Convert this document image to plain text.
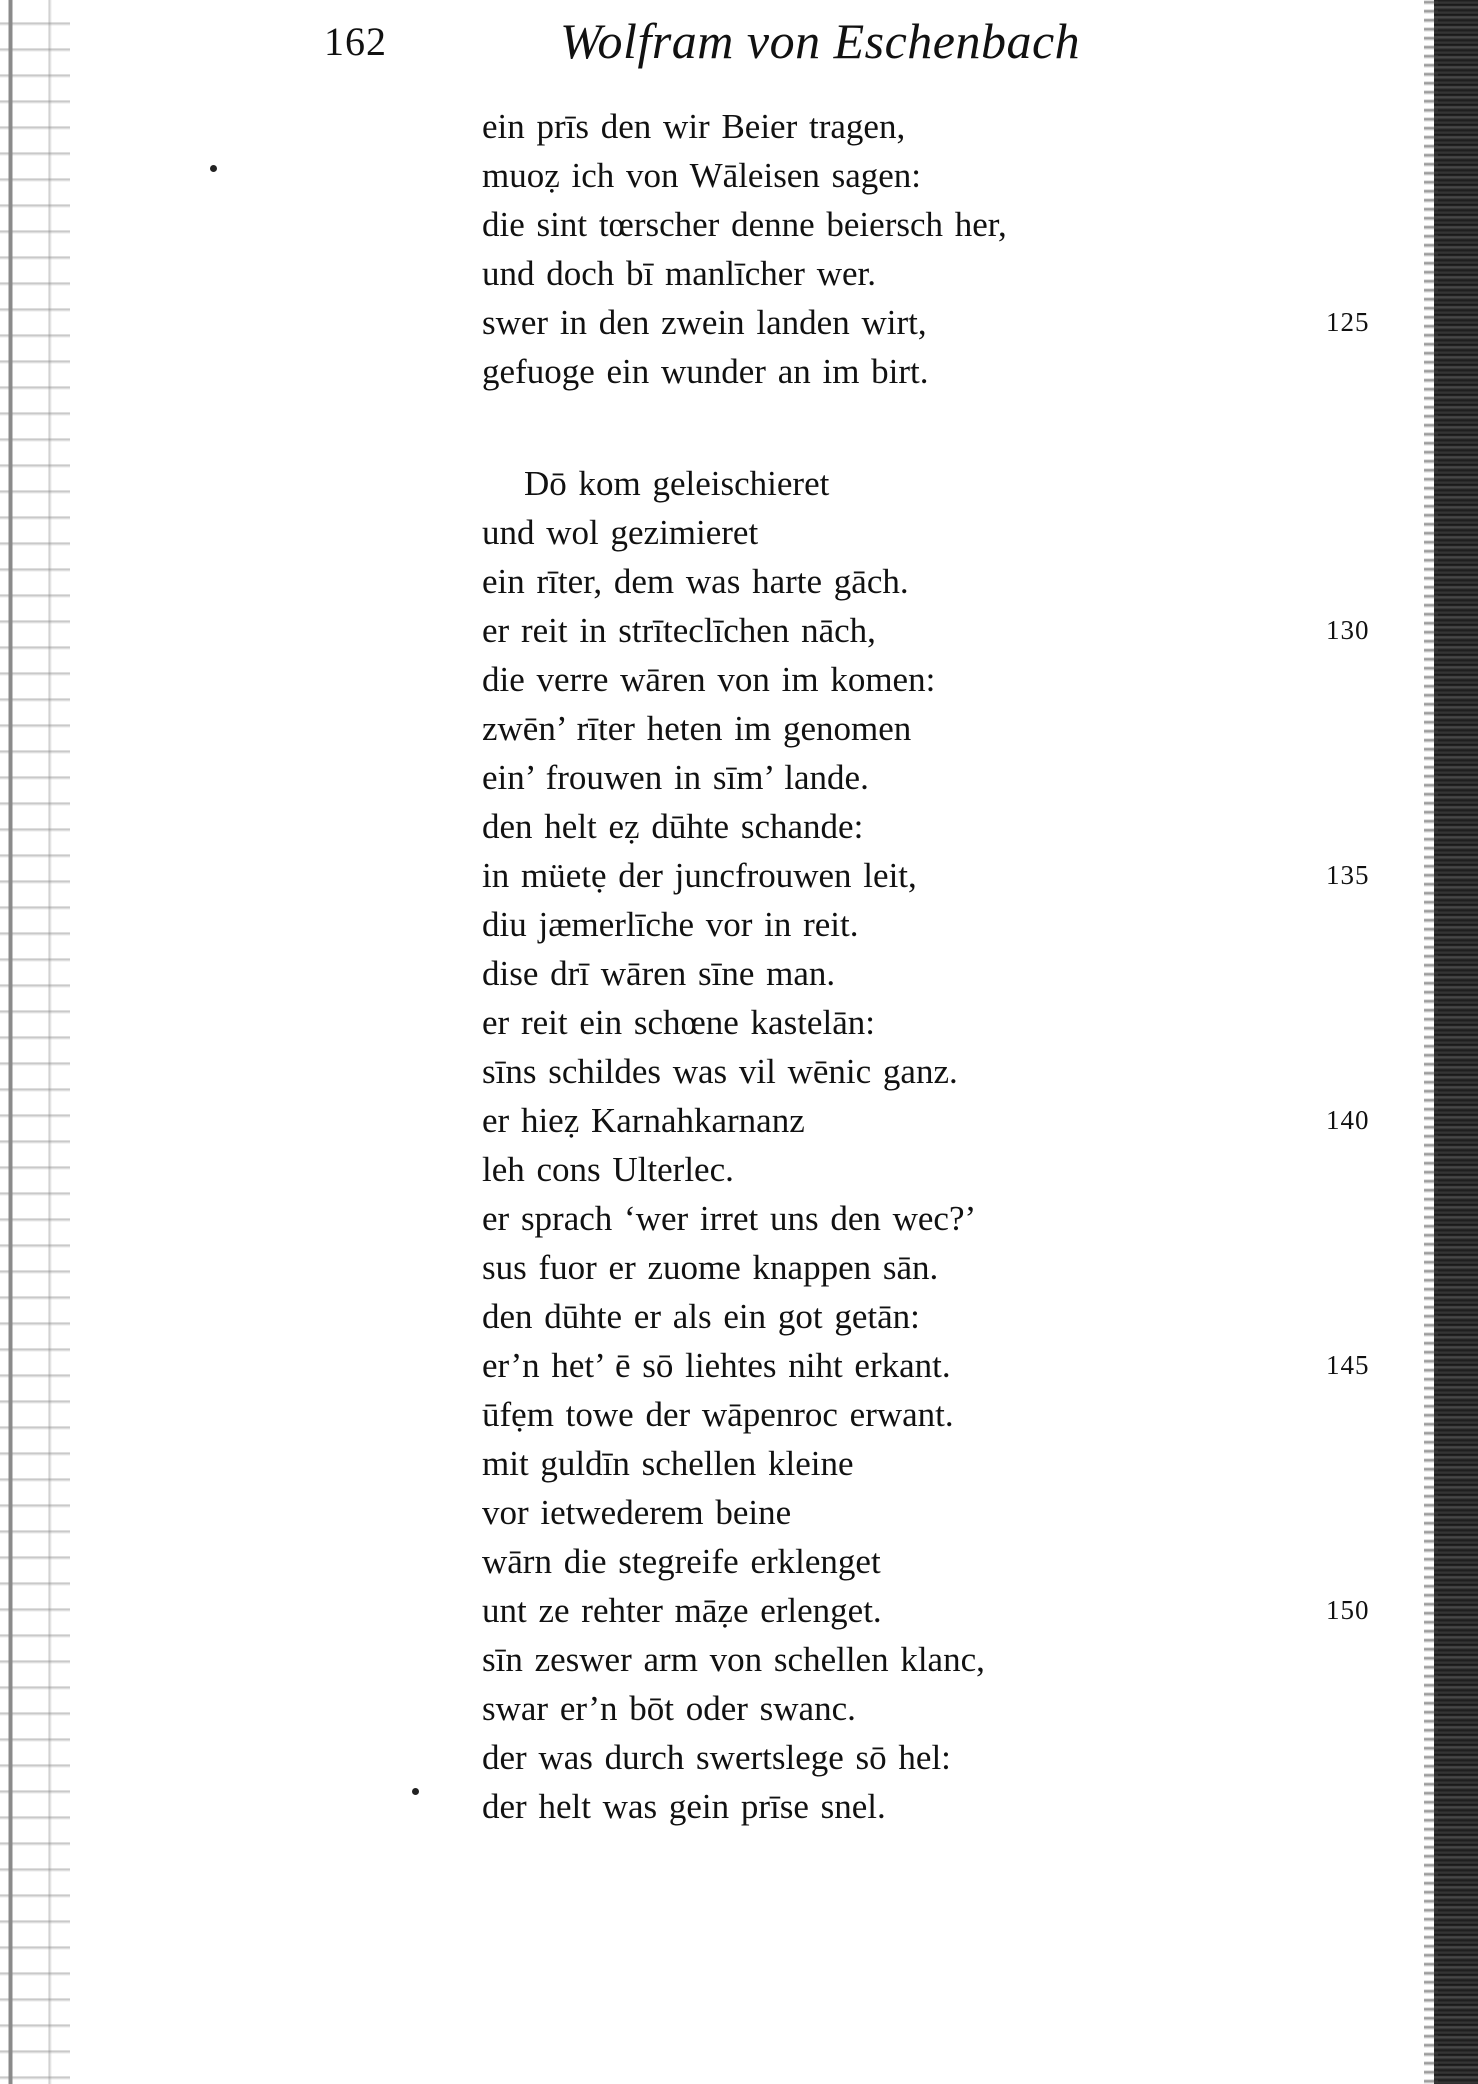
162	Wolfram von Eschenbach
ein prīs den wir Beier tragen,
muoẓ ich von Wāleisen sagen:
die sint tœrscher denne beiersch her,
und doch bī manlīcher wer.
swer in den zwein landen wirt,	125
gefuoge ein wunder an im birt.
Dō kom geleischieret
und wol gezimieret
ein rīter, dem was harte gāch.
er reit in strīteclīchen nāch,	130
die verre wāren von im komen:
zwēn’ rīter heten im genomen
ein’ frouwen in sīm’ lande.
den helt eẓ dūhte schande:
in müetẹ der juncfrouwen leit,	135
diu jæmerlīche vor in reit.
dise drī wāren sīne man.
er reit ein schœne kastelān:
sīns schildes was vil wēnic ganz.
er hieẓ Karnahkarnanz	140
leh cons Ulterlec.
er sprach ‘wer irret uns den wec?’
sus fuor er zuome knappen sān.
den dūhte er als ein got getān:
er’n het’ ē sō liehtes niht erkant.	145
ūfẹm towe der wāpenroc erwant.
mit guldīn schellen kleine
vor ietwederem beine
wārn die stegreife erklenget
unt ze rehter māẓe erlenget.	150
sīn zeswer arm von schellen klanc,
swar er’n bōt oder swanc.
der was durch swertslege sō hel:
der helt was gein prīse snel.
